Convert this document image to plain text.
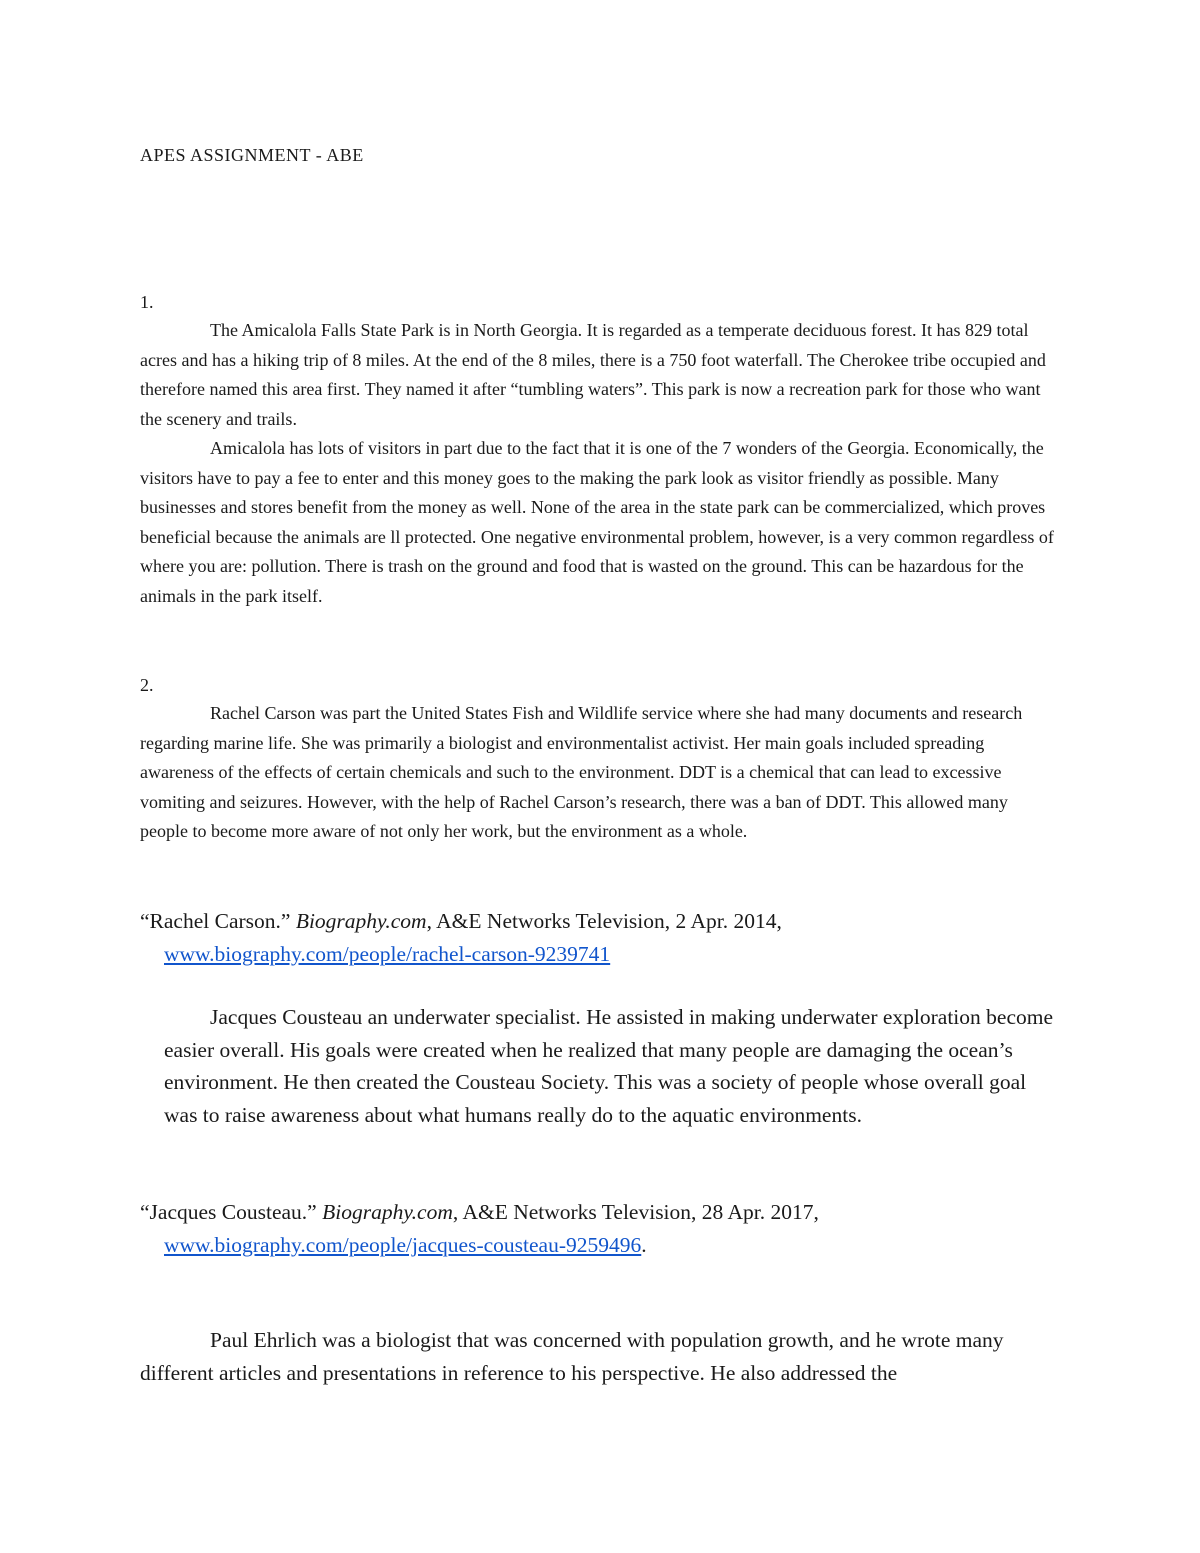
APES ASSIGNMENT - ABE
1.

The Amicalola Falls State Park is in North Georgia. It is regarded as a temperate deciduous forest. It has 829 total acres and has a hiking trip of 8 miles. At the end of the 8 miles, there is a 750 foot waterfall. The Cherokee tribe occupied and therefore named this area first. They named it after “tumbling waters”. This park is now a recreation park for those who want the scenery and trails.

Amicalola has lots of visitors in part due to the fact that it is one of the 7 wonders of the Georgia. Economically, the visitors have to pay a fee to enter and this money goes to the making the park look as visitor friendly as possible. Many businesses and stores benefit from the money as well. None of the area in the state park can be commercialized, which proves beneficial because the animals are ll protected. One negative environmental problem, however, is a very common regardless of where you are: pollution. There is trash on the ground and food that is wasted on the ground. This can be hazardous for the animals in the park itself.

2.

Rachel Carson was part the United States Fish and Wildlife service where she had many documents and research regarding marine life. She was primarily a biologist and environmentalist activist. Her main goals included spreading awareness of the effects of certain chemicals and such to the environment. DDT is a chemical that can lead to excessive vomiting and seizures. However, with the help of Rachel Carson’s research, there was a ban of DDT. This allowed many people to become more aware of not only her work, but the environment as a whole.

“Rachel Carson.” Biography.com, A&E Networks Television, 2 Apr. 2014,
www.biography.com/people/rachel-carson-9239741

Jacques Cousteau an underwater specialist. He assisted in making underwater exploration become easier overall. His goals were created when he realized that many people are damaging the ocean’s environment. He then created the Cousteau Society. This was a society of people whose overall goal was to raise awareness about what humans really do to the aquatic environments.

“Jacques Cousteau.” Biography.com, A&E Networks Television, 28 Apr. 2017,
www.biography.com/people/jacques-cousteau-9259496.

Paul Ehrlich was a biologist that was concerned with population growth, and he wrote many different articles and presentations in reference to his perspective. He also addressed the
